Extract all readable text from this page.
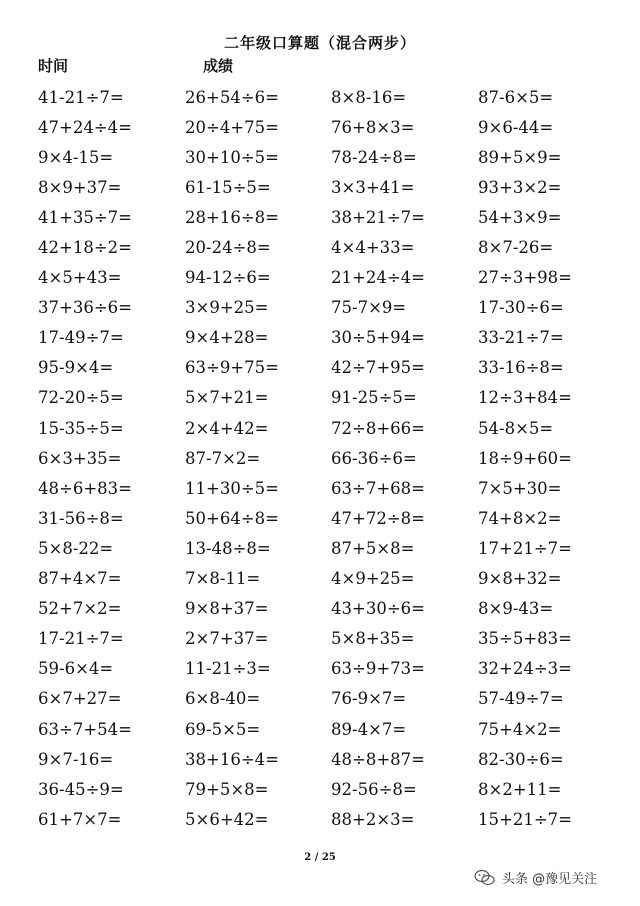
二年级口算题（混合两步）
时间	成绩
41-21÷7=	26+54÷6=	8×8-16=	87-6×5=
47+24÷4=	20÷4+75=	76+8×3=	9×6-44=
9×4-15=	30+10÷5=	78-24÷8=	89+5×9=
8×9+37=	61-15÷5=	3×3+41=	93+3×2=
41+35÷7=	28+16÷8=	38+21÷7=	54+3×9=
42+18÷2=	20-24÷8=	4×4+33=	8×7-26=
4×5+43=	94-12÷6=	21+24÷4=	27÷3+98=
37+36÷6=	3×9+25=	75-7×9=	17-30÷6=
17-49÷7=	9×4+28=	30÷5+94=	33-21÷7=
95-9×4=	63÷9+75=	42÷7+95=	33-16÷8=
72-20÷5=	5×7+21=	91-25÷5=	12÷3+84=
15-35÷5=	2×4+42=	72÷8+66=	54-8×5=
6×3+35=	87-7×2=	66-36÷6=	18÷9+60=
48÷6+83=	11+30÷5=	63÷7+68=	7×5+30=
31-56÷8=	50+64÷8=	47+72÷8=	74+8×2=
5×8-22=	13-48÷8=	87+5×8=	17+21÷7=
87+4×7=	7×8-11=	4×9+25=	9×8+32=
52+7×2=	9×8+37=	43+30÷6=	8×9-43=
17-21÷7=	2×7+37=	5×8+35=	35÷5+83=
59-6×4=	11-21÷3=	63÷9+73=	32+24÷3=
6×7+27=	6×8-40=	76-9×7=	57-49÷7=
63÷7+54=	69-5×5=	89-4×7=	75+4×2=
9×7-16=	38+16÷4=	48÷8+87=	82-30÷6=
36-45÷9=	79+5×8=	92-56÷8=	8×2+11=
61+7×7=	5×6+42=	88+2×3=	15+21÷7=
2 / 25
头条 @豫见关注
